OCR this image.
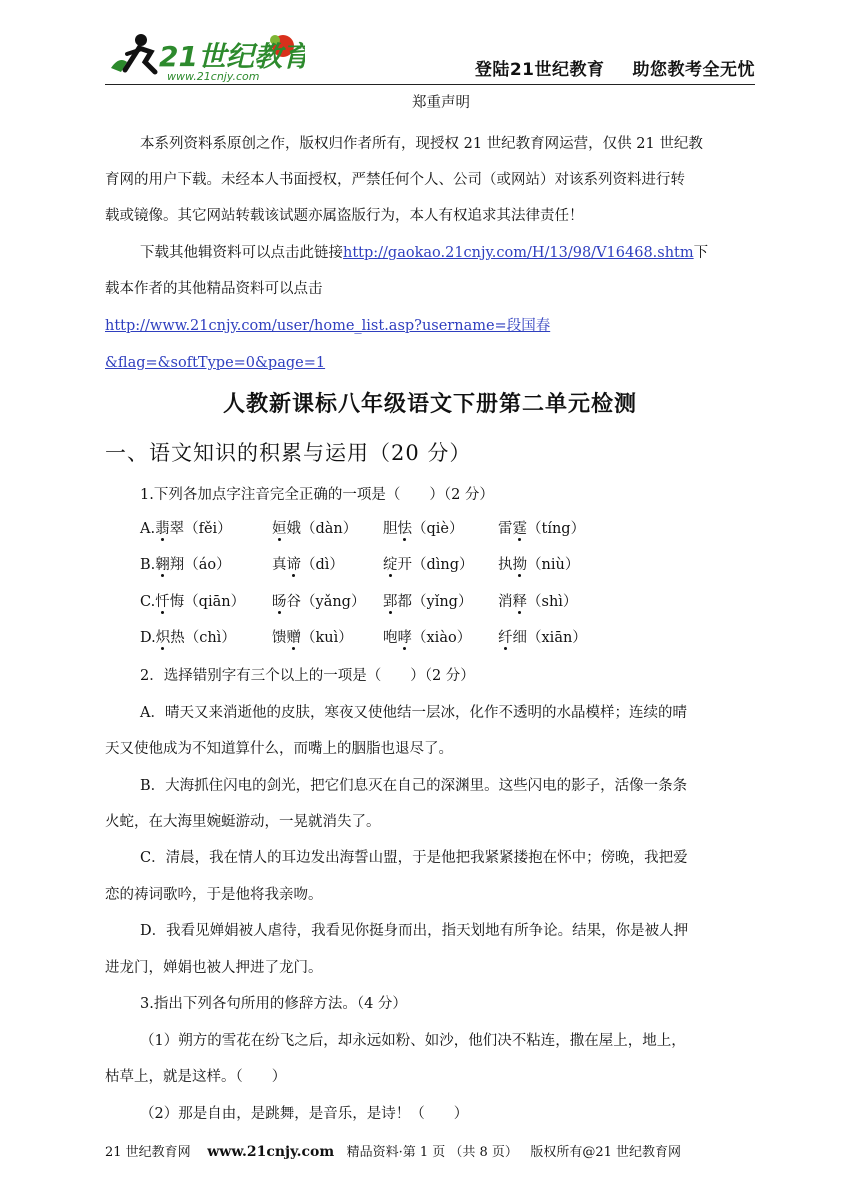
21世纪教育
www.21cnjy.com	登陆21世纪教育 助您教考全无忧
郑重声明
本系列资料系原创之作，版权归作者所有，现授权 21 世纪教育网运营，仅供 21 世纪教
育网的用户下载。未经本人书面授权，严禁任何个人、公司（或网站）对该系列资料进行转
载或镜像。其它网站转载该试题亦属盗版行为，本人有权追求其法律责任！
下载其他辑资料可以点击此链接http://gaokao.21cnjy.com/H/13/98/V16468.shtm下
载本作者的其他精品资料可以点击
http://www.21cnjy.com/user/home_list.asp?username=段国春
&flag=&softType=0&page=1
人教新课标八年级语文下册第二单元检测
一、语文知识的积累与运用（20 分）
1.下列各加点字注音完全正确的一项是（　　）（2 分）
A.翡翠（fěi）	姮娥（dàn） 胆怯（qiè） 雷霆（tíng）
B.翱翔（áo）	真谛（dì）	绽开（dìng） 执拗（niù）
C.忏悔（qiān） 旸谷（yǎng） 郢都（yǐng） 消释（shì）
D.炽热（chì） 馈赠（kuì） 咆哮（xiào） 纤细（xiān）
2．选择错别字有三个以上的一项是（　　）（2 分）
A．晴天又来消逝他的皮肤，寒夜又使他结一层冰，化作不透明的水晶模样；连续的晴
天又使他成为不知道算什么，而嘴上的胭脂也退尽了。
B．大海抓住闪电的剑光，把它们息灭在自己的深渊里。这些闪电的影子，活像一条条
火蛇，在大海里婉蜓游动，一晃就消失了。
C．清晨，我在情人的耳边发出海誓山盟，于是他把我紧紧搂抱在怀中；傍晚，我把爱
恋的祷词歌吟，于是他将我亲吻。
D．我看见婵娟被人虐待，我看见你挺身而出，指天划地有所争论。结果，你是被人押
进龙门，婵娟也被人押进了龙门。
3.指出下列各句所用的修辞方法。（4 分）
（1）朔方的雪花在纷飞之后，却永远如粉、如沙，他们决不粘连，撒在屋上，地上，
枯草上，就是这样。（　　）
（2）那是自由，是跳舞，是音乐，是诗！（　　）
21 世纪教育网 www.21cnjy.com 精品资料·第 1 页 （共 8 页） 版权所有@21 世纪教育网
